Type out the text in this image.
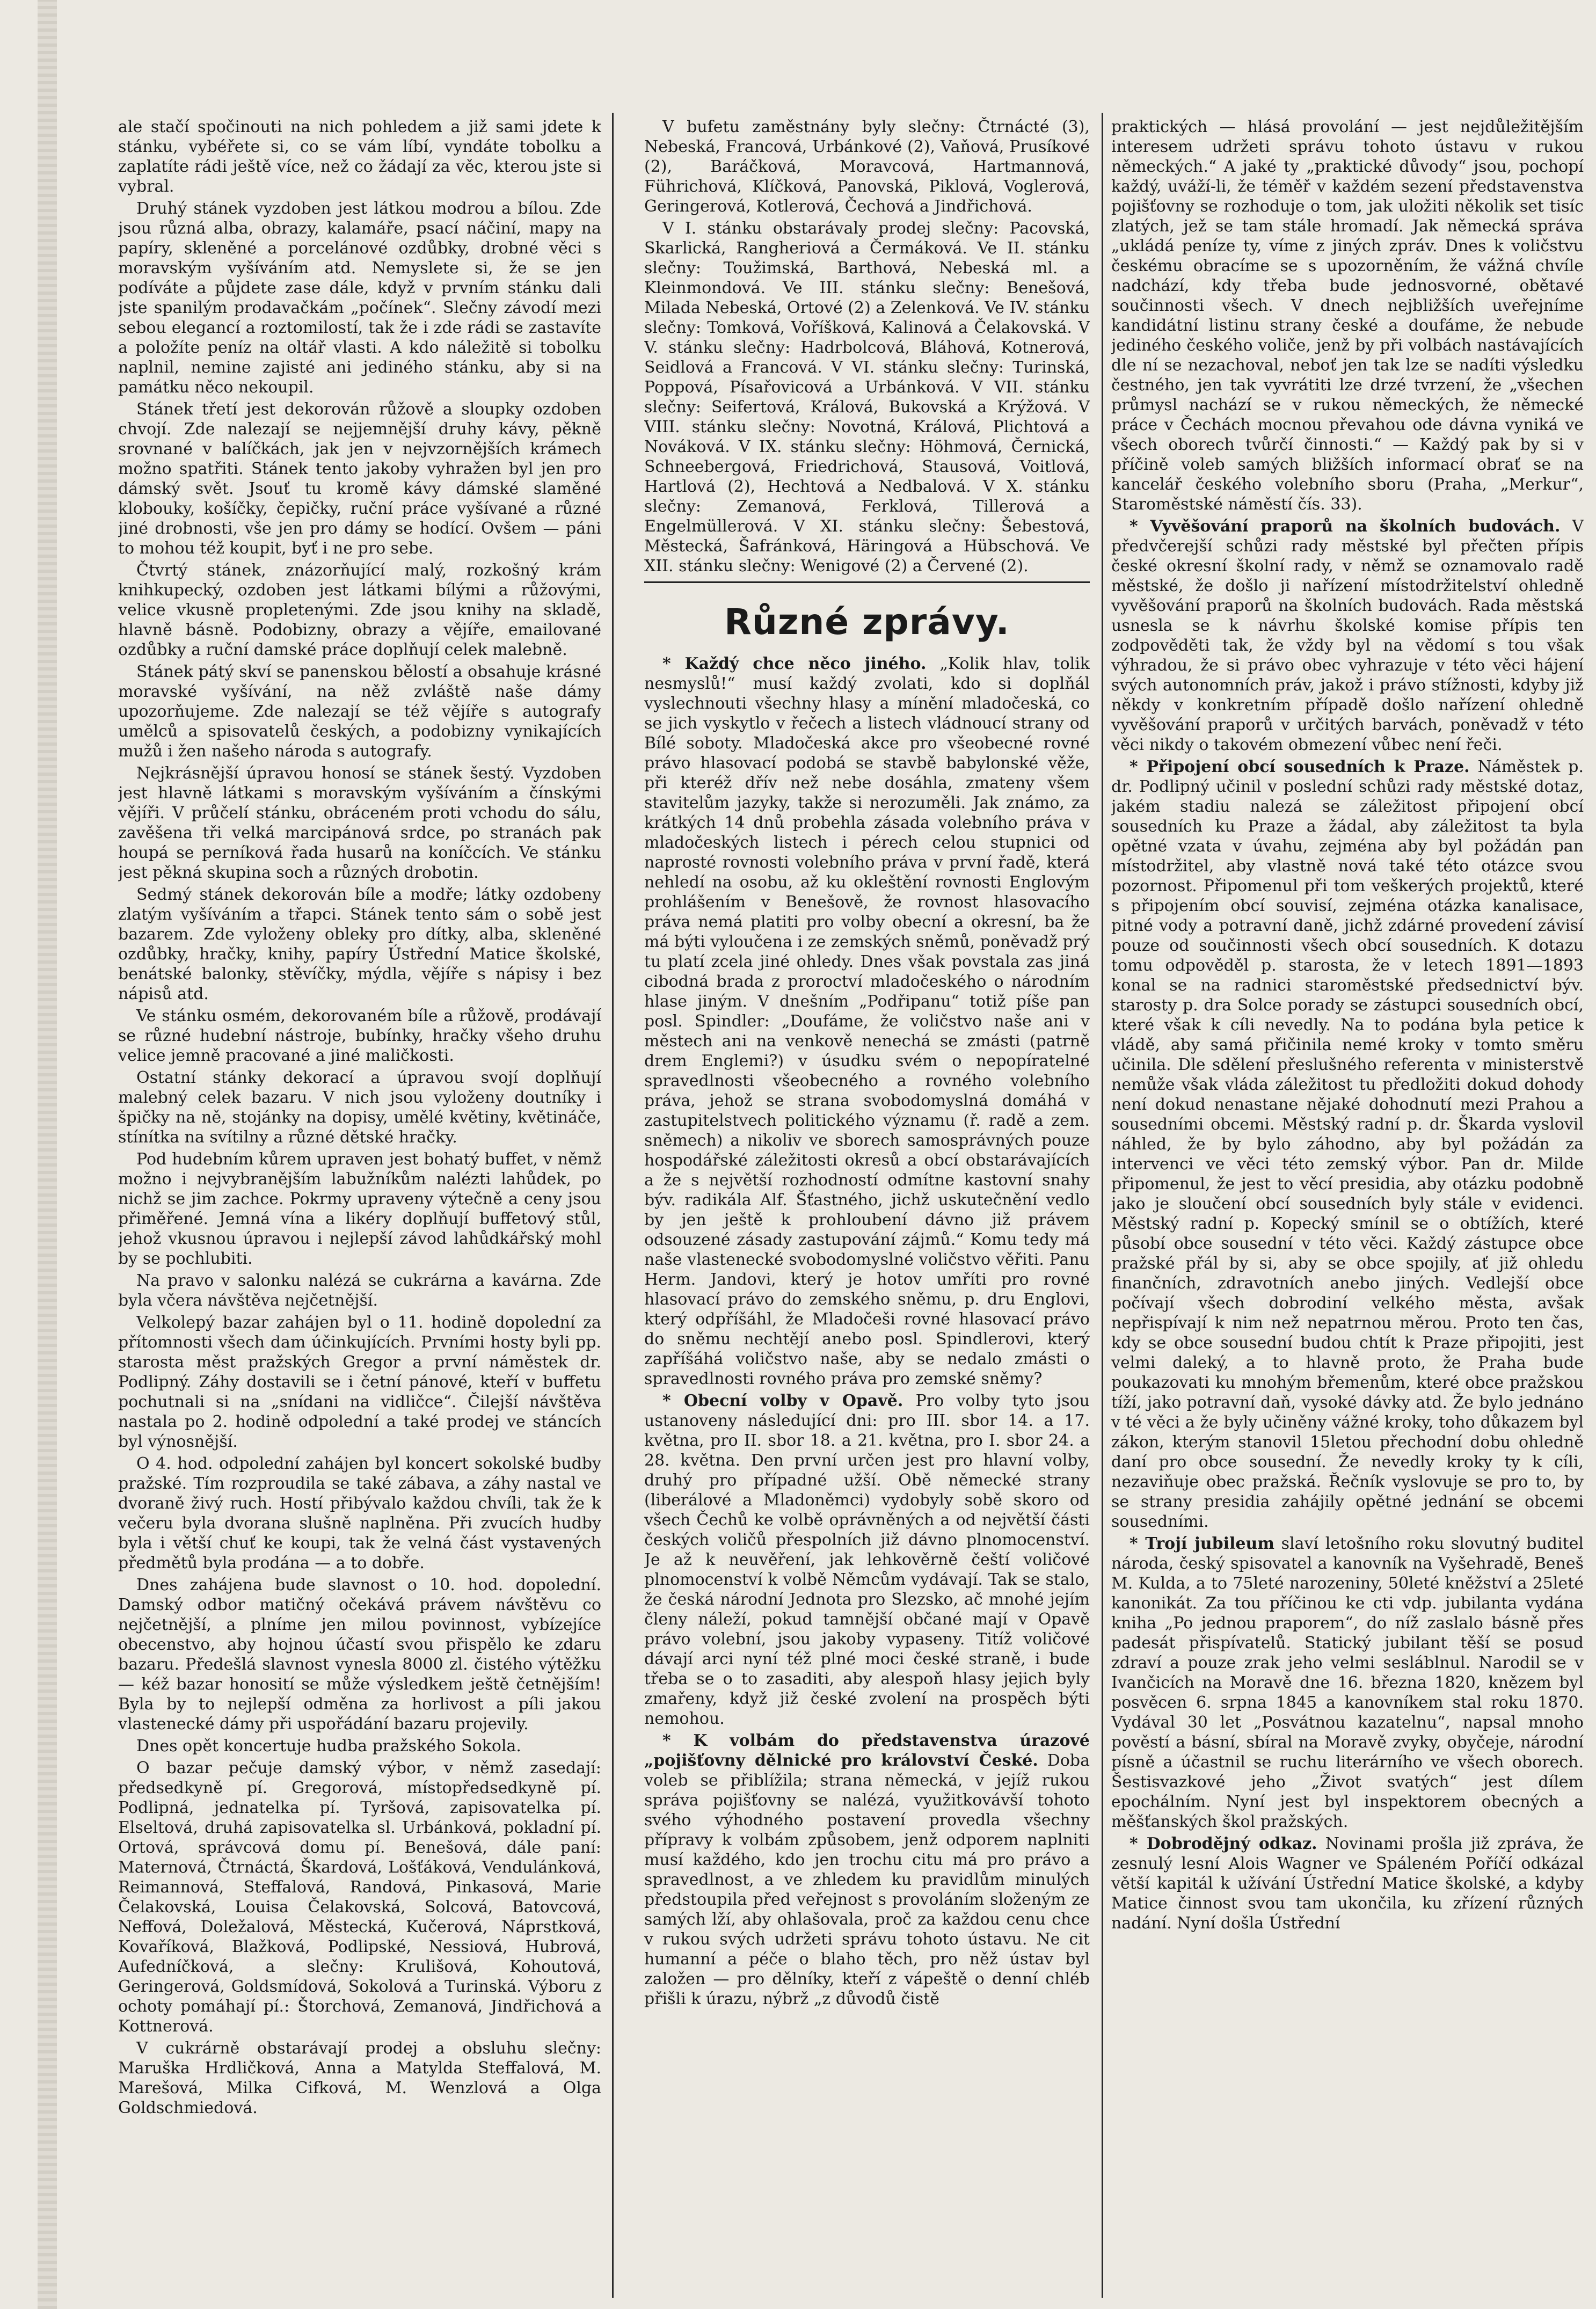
ale stačí spočinouti na nich pohledem a již sami jdete k stánku, vybéřete si, co se vám líbí, vyndáte tobolku a zaplatíte rádi ještě více, než co žádají za věc, kterou jste si vybral.

Druhý stánek vyzdoben jest látkou modrou a bílou. Zde jsou různá alba, obrazy, kalamáře, psací náčiní, mapy na papíry, skleněné a porcelánové ozdůbky, drobné věci s moravským vyšíváním atd. Nemyslete si, že se jen podíváte a půjdete zase dále, když v prvním stánku dali jste spanilým prodavačkám „počínek“. Slečny závodí mezi sebou elegancí a roztomilostí, tak že i zde rádi se zastavíte a položíte peníz na oltář vlasti. A kdo náležitě si tobolku naplnil, nemine zajisté ani jediného stánku, aby si na památku něco nekoupil.

Stánek třetí jest dekorován růžově a sloupky ozdoben chvojí. Zde nalezají se nejjemnější druhy kávy, pěkně srovnané v balíčkách, jak jen v nejvzornějších krámech možno spatřiti. Stánek tento jakoby vyhražen byl jen pro dámský svět. Jsouť tu kromě kávy dámské slaměné klobouky, košíčky, čepičky, ruční práce vyšívané a různé jiné drobnosti, vše jen pro dámy se hodící. Ovšem — páni to mohou též koupit, byť i ne pro sebe.

Čtvrtý stánek, znázorňující malý, rozkošný krám knihkupecký, ozdoben jest látkami bílými a růžovými, velice vkusně propletenými. Zde jsou knihy na skladě, hlavně básně. Podobizny, obrazy a vějíře, emailované ozdůbky a ruční damské práce doplňují celek malebně.

Stánek pátý skví se panenskou bělostí a obsahuje krásné moravské vyšívání, na něž zvláště naše dámy upozorňujeme. Zde nalezají se též vějíře s autografy umělců a spisovatelů českých, a podobizny vynikajících mužů i žen našeho národa s autografy.

Nejkrásnější úpravou honosí se stánek šestý. Vyzdoben jest hlavně látkami s moravským vyšíváním a čínskými vějíři. V průčelí stánku, obráceném proti vchodu do sálu, zavěšena tři velká marcipánová srdce, po stranách pak houpá se perníková řada husarů na koníčcích. Ve stánku jest pěkná skupina soch a různých drobotin.

Sedmý stánek dekorován bíle a modře; látky ozdobeny zlatým vyšíváním a třapci. Stánek tento sám o sobě jest bazarem. Zde vyloženy obleky pro dítky, alba, skleněné ozdůbky, hračky, knihy, papíry Ústřední Matice školské, benátské balonky, stěvíčky, mýdla, vějíře s nápisy i bez nápisů atd.

Ve stánku osmém, dekorovaném bíle a růžově, prodávají se různé hudební nástroje, bubínky, hračky všeho druhu velice jemně pracované a jiné maličkosti.

Ostatní stánky dekorací a úpravou svojí doplňují malebný celek bazaru. V nich jsou vyloženy doutníky i špičky na ně, stojánky na dopisy, umělé květiny, květináče, stínítka na svítilny a různé dětské hračky.

Pod hudebním kůrem upraven jest bohatý buffet, v němž možno i nejvybranějším labužníkům nalézti lahůdek, po nichž se jim zachce. Pokrmy upraveny výtečně a ceny jsou přiměřené. Jemná vína a likéry doplňují buffetový stůl, jehož vkusnou úpravou i nejlepší závod lahůdkářský mohl by se pochlubiti.

Na pravo v salonku nalézá se cukrárna a kavárna. Zde byla včera návštěva nejčetnější.

Velkolepý bazar zahájen byl o 11. hodině dopolední za přítomnosti všech dam účinkujících. Prvními hosty byli pp. starosta měst pražských Gregor a první náměstek dr. Podlipný. Záhy dostavili se i četní pánové, kteří v buffetu pochutnali si na „snídani na vidličce“. Čilejší návštěva nastala po 2. hodině odpolední a také prodej ve stáncích byl výnosnější.

O 4. hod. odpolední zahájen byl koncert sokolské budby pražské. Tím rozproudila se také zábava, a záhy nastal ve dvoraně živý ruch. Hostí přibývalo každou chvíli, tak že k večeru byla dvorana slušně naplněna. Při zvucích hudby byla i větší chuť ke koupi, tak že velná část vystavených předmětů byla prodána — a to dobře.

Dnes zahájena bude slavnost o 10. hod. dopolední. Damský odbor matičný očekává právem návštěvu co nejčetnější, a plníme jen milou povinnost, vybízejíce obecenstvo, aby hojnou účastí svou přispělo ke zdaru bazaru. Předešlá slavnost vynesla 8000 zl. čistého výtěžku — kéž bazar honosití se může výsledkem ještě četnějším! Byla by to nejlepší odměna za horlivost a píli jakou vlastenecké dámy při uspořádání bazaru projevily.

Dnes opět koncertuje hudba pražského Sokola.

O bazar pečuje damský výbor, v němž zasedají: předsedkyně pí. Gregorová, místopředsedkyně pí. Podlipná, jednatelka pí. Tyršová, zapisovatelka pí. Elseltová, druhá zapisovatelka sl. Urbánková, pokladní pí. Ortová, správcová domu pí. Benešová, dále paní: Maternová, Čtrnáctá, Škardová, Lošťáková, Vendulánková, Reimannová, Steffalová, Randová, Pinkasová, Marie Čelakovská, Louisa Čelakovská, Solcová, Batovcová, Neffová, Doležalová, Městecká, Kučerová, Náprstková, Kovaříková, Blažková, Podlipské, Nessiová, Hubrová, Aufedníčková, a slečny: Krulišová, Kohoutová, Geringerová, Goldsmídová, Sokolová a Turinská. Výboru z ochoty pomáhají pí.: Štorchová, Zemanová, Jindřichová a Kottnerová.

V cukrárně obstarávají prodej a obsluhu slečny: Maruška Hrdličková, Anna a Matylda Steffalová, M. Marešová, Milka Cifková, M. Wenzlová a Olga Goldschmiedová.

V bufetu zaměstnány byly slečny: Čtrnácté (3), Nebeská, Francová, Urbánkové (2), Vaňová, Prusíkové (2), Baráčková, Moravcová, Hartmannová, Führichová, Klíčková, Panovská, Piklová, Voglerová, Geringerová, Kotlerová, Čechová a Jindřichová.

V I. stánku obstarávaly prodej slečny: Pacovská, Skarlická, Rangheriová a Čermáková. Ve II. stánku slečny: Toužimská, Barthová, Nebeská ml. a Kleinmondová. Ve III. stánku slečny: Benešová, Milada Nebeská, Ortové (2) a Zelenková. Ve IV. stánku slečny: Tomková, Voříšková, Kalinová a Čelakovská. V V. stánku slečny: Hadrbolcová, Bláhová, Kotnerová, Seidlová a Francová. V VI. stánku slečny: Turinská, Poppová, Písařovicová a Urbánková. V VII. stánku slečny: Seifertová, Králová, Bukovská a Krýžová. V VIII. stánku slečny: Novotná, Králová, Plichtová a Nováková. V IX. stánku slečny: Höhmová, Černická, Schneebergová, Friedrichová, Stausová, Voitlová, Hartlová (2), Hechtová a Nedbalová. V X. stánku slečny: Zemanová, Ferklová, Tillerová a Engelmüllerová. V XI. stánku slečny: Šebestová, Městecká, Šafránková, Häringová a Hübschová. Ve XII. stánku slečny: Wenigové (2) a Červené (2).

Různé zprávy.

* Každý chce něco jiného. „Kolik hlav, tolik nesmyslů!“ musí každý zvolati, kdo si doplňál vyslechnouti všechny hlasy a mínění mladočeská, co se jich vyskytlo v řečech a listech vládnoucí strany od Bílé soboty. Mladočeská akce pro všeobecné rovné právo hlasovací podobá se stavbě babylonské věže, při kteréž dřív než nebe dosáhla, zmateny všem stavitelům jazyky, takže si nerozuměli. Jak známo, za krátkých 14 dnů probehla zásada volebního práva v mladočeských listech i pérech celou stupnici od naprosté rovnosti volebního práva v první řadě, která nehledí na osobu, až ku okleštění rovnosti Englovým prohlášením v Benešově, že rovnost hlasovacího práva nemá platiti pro volby obecní a okresní, ba že má býti vyloučena i ze zemských sněmů, poněvadž prý tu platí zcela jiné ohledy. Dnes však povstala zas jiná cibodná brada z proroctví mladočeského o národním hlase jiným. V dnešním „Podřipanu“ totiž píše pan posl. Spindler: „Doufáme, že voličstvo naše ani v městech ani na venkově nenechá se zmásti (patrně drem Englemi?) v úsudku svém o nepopíratelné spravedlnosti všeobecného a rovného volebního práva, jehož se strana svobodomyslná domáhá v zastupitelstvech politického významu (ř. radě a zem. sněmech) a nikoliv ve sborech samosprávných pouze hospodářské záležitosti okresů a obcí obstarávajících a že s největší rozhodností odmítne kastovní snahy býv. radikála Alf. Šťastného, jichž uskutečnění vedlo by jen ještě k prohloubení dávno již právem odsouzené zásady zastupování zájmů.“ Komu tedy má naše vlastenecké svobodomyslné voličstvo věřiti. Panu Herm. Jandovi, který je hotov umříti pro rovné hlasovací právo do zemského sněmu, p. dru Englovi, který odpříšáhl, že Mladočeši rovné hlasovací právo do sněmu nechtějí anebo posl. Spindlerovi, který zapříšáhá voličstvo naše, aby se nedalo zmásti o spravedlnosti rovného práva pro zemské sněmy?

* Obecní volby v Opavě. Pro volby tyto jsou ustanoveny následující dni: pro III. sbor 14. a 17. května, pro II. sbor 18. a 21. května, pro I. sbor 24. a 28. května. Den první určen jest pro hlavní volby, druhý pro případné užší. Obě německé strany (liberálové a Mladoněmci) vydobyly sobě skoro od všech Čechů ke volbě oprávněných a od největší části českých voličů přespolních již dávno plnomocenství. Je až k neuvěření, jak lehkověrně čeští voličové plnomocenství k volbě Němcům vydávají. Tak se stalo, že česká národní Jednota pro Slezsko, ač mnohé jejím členy náleží, pokud tamnější občané mají v Opavě právo volební, jsou jakoby vypaseny. Titíž voličové dávají arci nyní též plné moci české straně, i bude třeba se o to zasaditi, aby alespoň hlasy jejich byly zmařeny, když již české zvolení na prospěch býti nemohou.

* K volbám do představenstva úrazové „pojišťovny dělnické pro království České. Doba voleb se přiblížila; strana německá, v jejíž rukou správa pojišťovny se nalézá, využitkovávší tohoto svého výhodného postavení provedla všechny přípravy k volbám způsobem, jenž odporem naplniti musí každého, kdo jen trochu citu má pro právo a spravedlnost, a ve zhledem ku pravidlům minulých předstoupila před veřejnost s provoláním složeným ze samých lží, aby ohlašovala, proč za každou cenu chce v rukou svých udržeti správu tohoto ústavu. Ne cit humanní a péče o blaho těch, pro něž ústav byl založen — pro dělníky, kteří z vápeště o denní chléb přišli k úrazu, nýbrž „z důvodů čistě

praktických — hlásá provolání — jest nejdůležitějším interesem udržeti správu tohoto ústavu v rukou německých.“ A jaké ty „praktické důvody“ jsou, pochopí každý, uváží-li, že téměř v každém sezení představenstva pojišťovny se rozhoduje o tom, jak uložiti několik set tisíc zlatých, jež se tam stále hromadí. Jak německá správa „ukládá peníze ty, víme z jiných zpráv. Dnes k voličstvu českému obracíme se s upozorněním, že vážná chvíle nadchází, kdy třeba bude jednosvorné, obětavé součinnosti všech. V dnech nejbližších uveřejníme kandidátní listinu strany české a doufáme, že nebude jediného českého voliče, jenž by při volbách nastávajících dle ní se nezachoval, neboť jen tak lze se nadíti výsledku čestného, jen tak vyvrátiti lze drzé tvrzení, že „všechen průmysl nachází se v rukou německých, že německé práce v Čechách mocnou převahou ode dávna vyniká ve všech oborech tvůrčí činnosti.“ — Každý pak by si v příčině voleb samých bližších informací obrať se na kancelář českého volebního sboru (Praha, „Merkur“, Staroměstské náměstí čís. 33).

* Vyvěšování praporů na školních budovách. V předvčerejší schůzi rady městské byl přečten přípis české okresní školní rady, v němž se oznamovalo radě městské, že došlo ji nařízení místodržitelství ohledně vyvěšování praporů na školních budovách. Rada městská usnesla se k návrhu školské komise přípis ten zodpověděti tak, že vždy byl na vědomí s tou však výhradou, že si právo obec vyhrazuje v této věci hájení svých autonomních práv, jakož i právo stížnosti, kdyby již někdy v konkretním případě došlo nařízení ohledně vyvěšování praporů v určitých barvách, poněvadž v této věci nikdy o takovém obmezení vůbec není řeči.

* Připojení obcí sousedních k Praze. Náměstek p. dr. Podlipný učinil v poslední schůzi rady městské dotaz, jakém stadiu nalezá se záležitost připojení obcí sousedních ku Praze a žádal, aby záležitost ta byla opětné vzata v úvahu, zejména aby byl požádán pan místodržitel, aby vlastně nová také této otázce svou pozornost. Připomenul při tom veškerých projektů, které s připojením obcí souvisí, zejména otázka kanalisace, pitné vody a potravní daně, jichž zdárné provedení závisí pouze od součinnosti všech obcí sousedních. K dotazu tomu odpověděl p. starosta, že v letech 1891—1893 konal se na radnici staroměstské předsednictví býv. starosty p. dra Solce porady se zástupci sousedních obcí, které však k cíli nevedly. Na to podána byla petice k vládě, aby samá přičinila nemé kroky v tomto směru učinila. Dle sdělení přeslušného referenta v ministerstvě nemůže však vláda záležitost tu předložiti dokud dohody není dokud nenastane nějaké dohodnutí mezi Prahou a sousedními obcemi. Městský radní p. dr. Škarda vyslovil náhled, že by bylo záhodno, aby byl požádán za intervenci ve věci této zemský výbor. Pan dr. Milde připomenul, že jest to věcí presidia, aby otázku podobně jako je sloučení obcí sousedních byly stále v evidenci. Městský radní p. Kopecký smínil se o obtížích, které působí obce sousední v této věci. Každý zástupce obce pražské přál by si, aby se obce spojily, ať již ohledu finančních, zdravotních anebo jiných. Vedlejší obce počívají všech dobrodiní velkého města, avšak nepřispívají k nim než nepatrnou měrou. Proto ten čas, kdy se obce sousední budou chtít k Praze připojiti, jest velmi daleký, a to hlavně proto, že Praha bude poukazovati ku mnohým břemenům, které obce pražskou tíží, jako potravní daň, vysoké dávky atd. Že bylo jednáno v té věci a že byly učiněny vážné kroky, toho důkazem byl zákon, kterým stanovil 15letou přechodní dobu ohledně daní pro obce sousední. Že nevedly kroky ty k cíli, nezaviňuje obec pražská. Řečník vyslovuje se pro to, by se strany presidia zahájily opětné jednání se obcemi sousedními.

* Trojí jubileum slaví letošního roku slovutný buditel národa, český spisovatel a kanovník na Vyšehradě, Beneš M. Kulda, a to 75leté narozeniny, 50leté kněžství a 25leté kanonikát. Za tou příčinou ke cti vdp. jubilanta vydána kniha „Po jednou praporem“, do níž zaslalo básně přes padesát přispívatelů. Statický jubilant těší se posud zdraví a pouze zrak jeho velmi sesláblnul. Narodil se v Ivančicích na Moravě dne 16. března 1820, knězem byl posvěcen 6. srpna 1845 a kanovníkem stal roku 1870. Vydával 30 let „Posvátnou kazatelnu“, napsal mnoho pověstí a básní, sbíral na Moravě zvyky, obyčeje, národní písně a účastnil se ruchu literárního ve všech oborech. Šestisvazkové jeho „Život svatých“ jest dílem epochálním. Nyní jest byl inspektorem obecných a měšťanských škol pražských.

* Dobrodějný odkaz. Novinami prošla již zpráva, že zesnulý lesní Alois Wagner ve Spáleném Poříčí odkázal větší kapitál k užívání Ústřední Matice školské, a kdyby Matice činnost svou tam ukončila, ku zřízení různých nadání. Nyní došla Ústřední
